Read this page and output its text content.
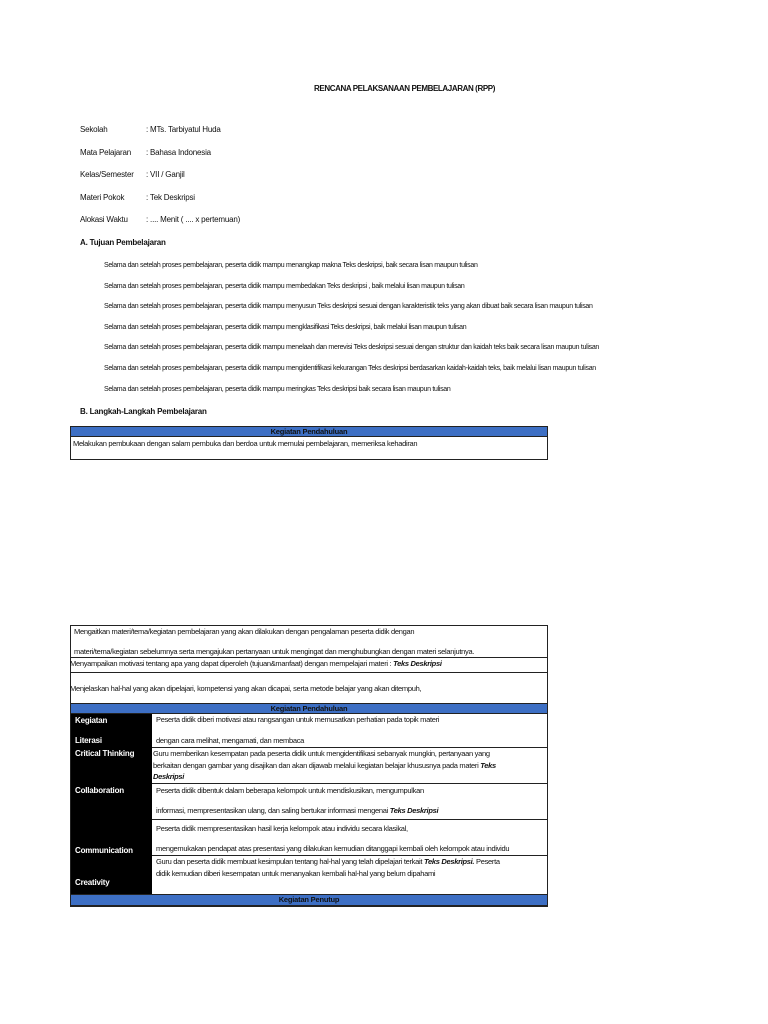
RENCANA PELAKSANAAN PEMBELAJARAN (RPP)
Sekolah	: MTs. Tarbiyatul Huda
Mata Pelajaran : Bahasa Indonesia
Kelas/Semester : VII / Ganjil
Materi Pokok	: Tek Deskripsi
Alokasi Waktu : .... Menit ( .... x pertemuan)
A. Tujuan Pembelajaran
Selama dan setelah proses pembelajaran, peserta didik mampu menangkap makna Teks deskripsi, baik secara lisan maupun tulisan
Selama dan setelah proses pembelajaran, peserta didik mampu membedakan Teks deskripsi , baik melalui lisan maupun tulisan
Selama dan setelah proses pembelajaran, peserta didik mampu menyusun Teks deskripsi sesuai dengan karakteristik teks yang akan dibuat baik secara lisan maupun tulisan
Selama dan setelah proses pembelajaran, peserta didik mampu mengklasifikasi Teks deskripsi, baik melalui lisan maupun tulisan
Selama dan setelah proses pembelajaran, peserta didik mampu menelaah dan merevisi Teks deskripsi sesuai dengan struktur dan kaidah teks baik secara lisan maupun tulisan
Selama dan setelah proses pembelajaran, peserta didik mampu mengidentifikasi kekurangan Teks deskripsi berdasarkan kaidah-kaidah teks, baik melalui lisan maupun tulisan
Selama dan setelah proses pembelajaran, peserta didik mampu meringkas Teks deskripsi baik secara lisan maupun tulisan
B. Langkah-Langkah Pembelajaran
Kegiatan Pendahuluan
Melakukan pembukaan dengan salam pembuka dan berdoa untuk memulai pembelajaran, memeriksa kehadiran
Mengaitkan materi/tema/kegiatan pembelajaran yang akan dilakukan dengan pengalaman peserta didik dengan
materi/tema/kegiatan sebelumnya serta mengajukan pertanyaan untuk mengingat dan menghubungkan dengan materi selanjutnya.
Menyampaikan motivasi tentang apa yang dapat diperoleh (tujuan&manfaat) dengan mempelajari materi : Teks Deskripsi
Menjelaskan hal-hal yang akan dipelajari, kompetensi yang akan dicapai, serta metode belajar yang akan ditempuh,
Kegiatan Pendahuluan
Kegiatan
Literasi
Critical Thinking
Collaboration
Communication
Creativity
Peserta didik diberi motivasi atau rangsangan untuk memusatkan perhatian pada topik materi
dengan cara melihat, mengamati, dan membaca
Guru memberikan kesempatan pada peserta didik untuk mengidentifikasi sebanyak mungkin, pertanyaan yang
berkaitan dengan gambar yang disajikan dan akan dijawab melalui kegiatan belajar khususnya pada materi Teks
Deskripsi
Peserta didik dibentuk dalam beberapa kelompok untuk mendiskusikan, mengumpulkan
informasi, mempresentasikan ulang, dan saling bertukar informasi mengenai Teks Deskripsi
Peserta didik mempresentasikan hasil kerja kelompok atau individu secara klasikal,
mengemukakan pendapat atas presentasi yang dilakukan kemudian ditanggapi kembali oleh kelompok atau individu
Guru dan peserta didik membuat kesimpulan tentang hal-hal yang telah dipelajari terkait Teks Deskripsi. Peserta
didik kemudian diberi kesempatan untuk menanyakan kembali hal-hal yang belum dipahami
Kegiatan Penutup
